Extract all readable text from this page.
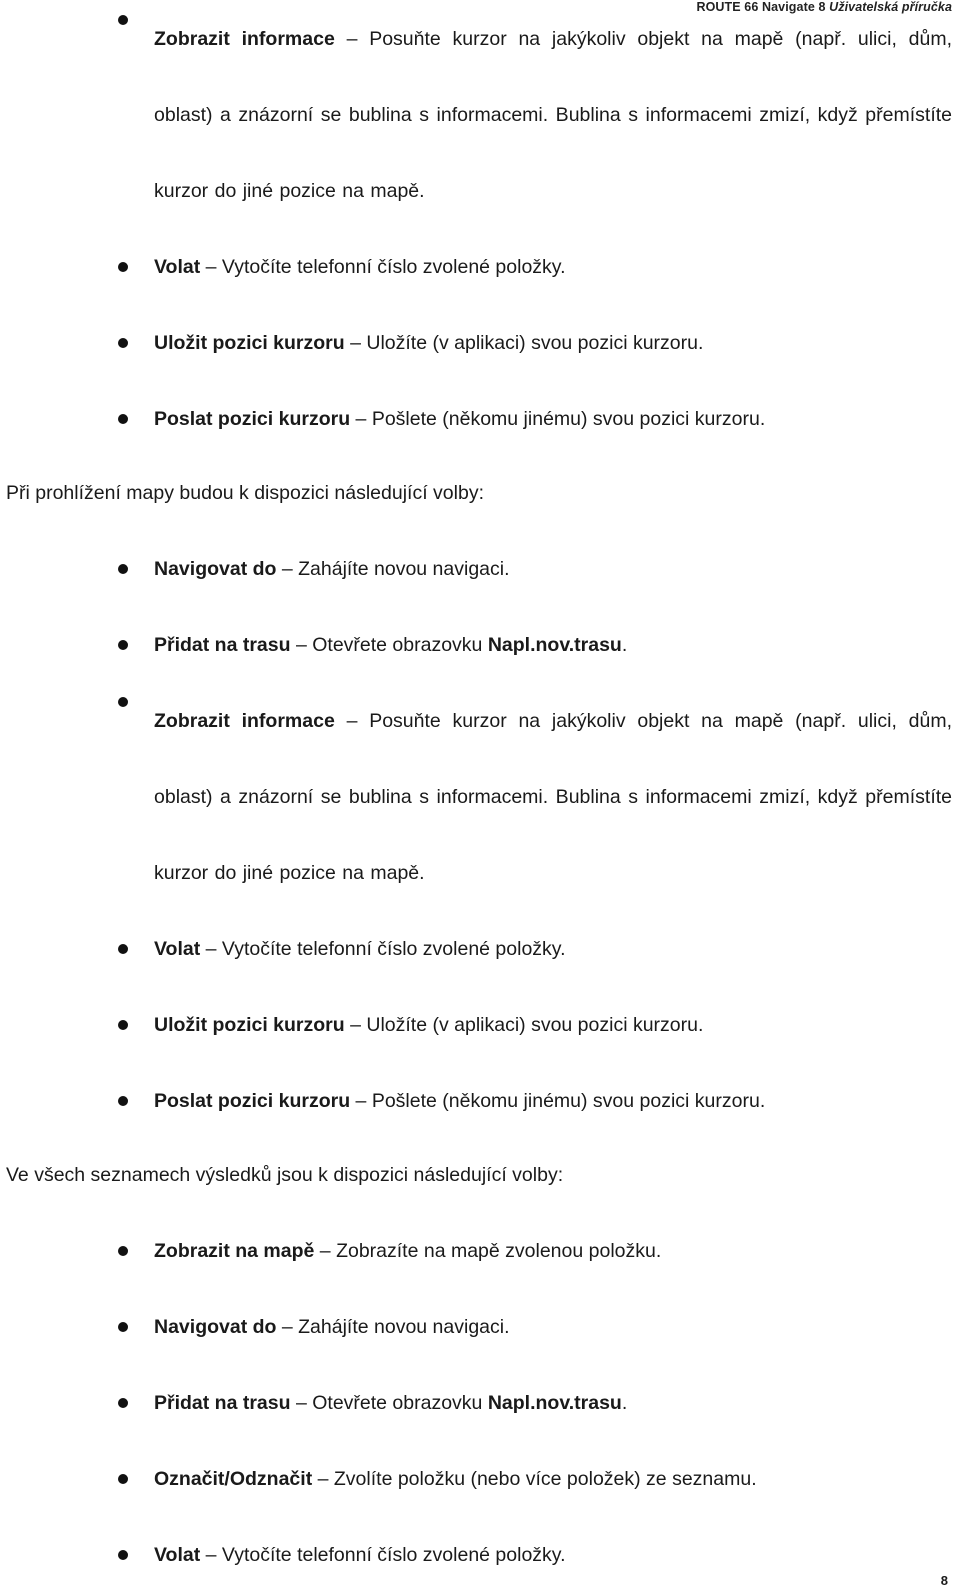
ROUTE 66 Navigate 8 Uživatelská příručka
Zobrazit informace – Posuňte kurzor na jakýkoliv objekt na mapě (např. ulici, dům, oblast) a znázorní se bublina s informacemi. Bublina s informacemi zmizí, když přemístíte kurzor do jiné pozice na mapě.
Volat – Vytočíte telefonní číslo zvolené položky.
Uložit pozici kurzoru – Uložíte (v aplikaci) svou pozici kurzoru.
Poslat pozici kurzoru – Pošlete (někomu jinému) svou pozici kurzoru.

Při prohlížení mapy budou k dispozici následující volby:

Navigovat do – Zahájíte novou navigaci.
Přidat na trasu – Otevřete obrazovku Napl.nov.trasu.
Zobrazit informace – Posuňte kurzor na jakýkoliv objekt na mapě (např. ulici, dům, oblast) a znázorní se bublina s informacemi. Bublina s informacemi zmizí, když přemístíte kurzor do jiné pozice na mapě.
Volat – Vytočíte telefonní číslo zvolené položky.
Uložit pozici kurzoru – Uložíte (v aplikaci) svou pozici kurzoru.
Poslat pozici kurzoru – Pošlete (někomu jinému) svou pozici kurzoru.

Ve všech seznamech výsledků jsou k dispozici následující volby:

Zobrazit na mapě – Zobrazíte na mapě zvolenou položku.
Navigovat do – Zahájíte novou navigaci.
Přidat na trasu – Otevřete obrazovku Napl.nov.trasu.
Označit/Odznačit – Zvolíte položku (nebo více položek) ze seznamu.
Volat – Vytočíte telefonní číslo zvolené položky.
8
